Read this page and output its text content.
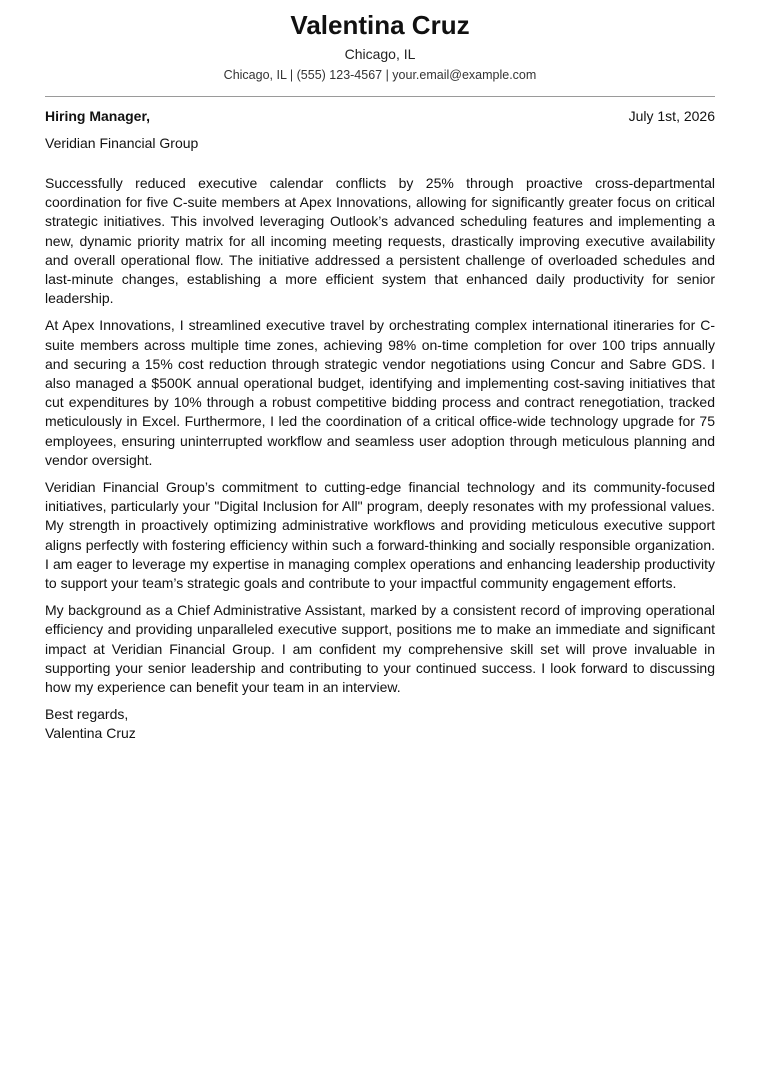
Valentina Cruz
Chicago, IL
Chicago, IL | (555) 123-4567 | your.email@example.com
Hiring Manager,	July 1st, 2026
Veridian Financial Group

Successfully reduced executive calendar conflicts by 25% through proactive cross-departmental coordination for five C-suite members at Apex Innovations, allowing for significantly greater focus on critical strategic initiatives. This involved leveraging Outlook’s advanced scheduling features and implementing a new, dynamic priority matrix for all incoming meeting requests, drastically improving executive availability and overall operational flow. The initiative addressed a persistent challenge of overloaded schedules and last-minute changes, establishing a more efficient system that enhanced daily productivity for senior leadership.

At Apex Innovations, I streamlined executive travel by orchestrating complex international itineraries for C-suite members across multiple time zones, achieving 98% on-time completion for over 100 trips annually and securing a 15% cost reduction through strategic vendor negotiations using Concur and Sabre GDS. I also managed a $500K annual operational budget, identifying and implementing cost-saving initiatives that cut expenditures by 10% through a robust competitive bidding process and contract renegotiation, tracked meticulously in Excel. Furthermore, I led the coordination of a critical office-wide technology upgrade for 75 employees, ensuring uninterrupted workflow and seamless user adoption through meticulous planning and vendor oversight.

Veridian Financial Group’s commitment to cutting-edge financial technology and its community-focused initiatives, particularly your "Digital Inclusion for All" program, deeply resonates with my professional values. My strength in proactively optimizing administrative workflows and providing meticulous executive support aligns perfectly with fostering efficiency within such a forward-thinking and socially responsible organization. I am eager to leverage my expertise in managing complex operations and enhancing leadership productivity to support your team’s strategic goals and contribute to your impactful community engagement efforts.

My background as a Chief Administrative Assistant, marked by a consistent record of improving operational efficiency and providing unparalleled executive support, positions me to make an immediate and significant impact at Veridian Financial Group. I am confident my comprehensive skill set will prove invaluable in supporting your senior leadership and contributing to your continued success. I look forward to discussing how my experience can benefit your team in an interview.

Best regards,
Valentina Cruz
